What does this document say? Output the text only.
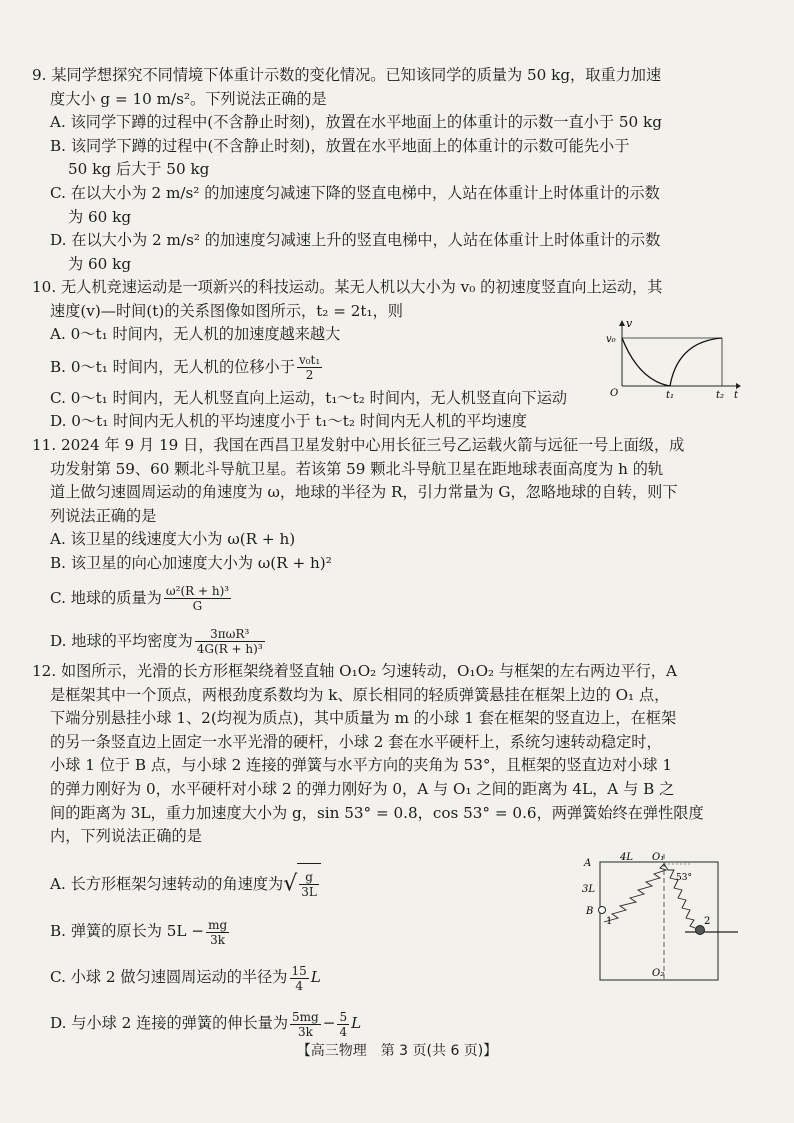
9. 某同学想探究不同情境下体重计示数的变化情况。已知该同学的质量为 50 kg，取重力加速

度大小 g = 10 m/s²。下列说法正确的是

A. 该同学下蹲的过程中(不含静止时刻)，放置在水平地面上的体重计的示数一直小于 50 kg

B. 该同学下蹲的过程中(不含静止时刻)，放置在水平地面上的体重计的示数可能先小于

50 kg 后大于 50 kg

C. 在以大小为 2 m/s² 的加速度匀减速下降的竖直电梯中，人站在体重计上时体重计的示数

为 60 kg

D. 在以大小为 2 m/s² 的加速度匀减速上升的竖直电梯中，人站在体重计上时体重计的示数

为 60 kg

10. 无人机竞速运动是一项新兴的科技运动。某无人机以大小为 v₀ 的初速度竖直向上运动，其

速度(v)—时间(t)的关系图像如图所示，t₂ = 2t₁，则

A. 0～t₁ 时间内，无人机的加速度越来越大

B. 0～t₁ 时间内，无人机的位移小于 $\frac{\text{v₀t₁}}{2}$

C. 0～t₁ 时间内，无人机竖直向上运动，t₁～t₂ 时间内，无人机竖直向下运动

D. 0～t₁ 时间内无人机的平均速度小于 t₁～t₂ 时间内无人机的平均速度

v
v₀
O	t₁	t₂ t

11. 2024 年 9 月 19 日，我国在西昌卫星发射中心用长征三号乙运载火箭与远征一号上面级，成

功发射第 59、60 颗北斗导航卫星。若该第 59 颗北斗导航卫星在距地球表面高度为 h 的轨

道上做匀速圆周运动的角速度为 ω，地球的半径为 R，引力常量为 G，忽略地球的自转，则下

列说法正确的是

A. 该卫星的线速度大小为 ω(R + h)

B. 该卫星的向心加速度大小为 ω(R + h)²

C. 地球的质量为 $\frac{\text{ω²(R + h)³}}{G}$

D. 地球的平均密度为 $\frac{\text{3πωR³}}{\text{4G(R + h)³}}$

12. 如图所示，光滑的长方形框架绕着竖直轴 O₁O₂ 匀速转动，O₁O₂ 与框架的左右两边平行，A

是框架其中一个顶点，两根劲度系数均为 k、原长相同的轻质弹簧悬挂在框架上边的 O₁ 点，

下端分别悬挂小球 1、2(均视为质点)，其中质量为 m 的小球 1 套在框架的竖直边上，在框架

的另一条竖直边上固定一水平光滑的硬杆，小球 2 套在水平硬杆上，系统匀速转动稳定时，

小球 1 位于 B 点，与小球 2 连接的弹簧与水平方向的夹角为 53°，且框架的竖直边对小球 1

的弹力刚好为 0，水平硬杆对小球 2 的弹力刚好为 0，A 与 O₁ 之间的距离为 4L，A 与 B 之

间的距离为 3L，重力加速度大小为 g，sin 53° = 0.8，cos 53° = 0.6，两弹簧始终在弹性限度

内，下列说法正确的是

A. 长方形框架匀速转动的角速度为√ $\frac{g}{3L}$

B. 弹簧的原长为 $5L - \frac{mg}{3k}$

C. 小球 2 做匀速圆周运动的半径为 $\frac{15}{4}$ L

D. 与小球 2 连接的弹簧的伸长量为 $\frac{5mg}{3k} - \frac{5}{4}$ L

A
4L O₁
53°
3L
B
1	2
O₂
【高三物理　第 3 页(共 6 页)】
